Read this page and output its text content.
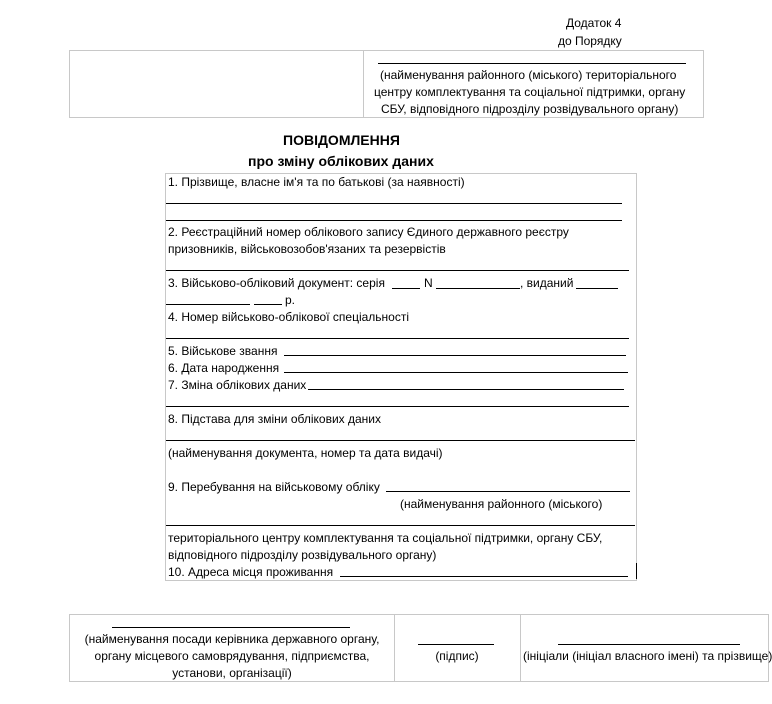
Додаток 4
до Порядку
(найменування районного (міського) територіального
центру комплектування та соціальної підтримки, органу
СБУ, відповідного підрозділу розвідувального органу)
ПОВІДОМЛЕННЯ
про зміну облікових даних
1. Прізвище, власне ім'я та по батькові (за наявності)
2. Реєстраційний номер облікового запису Єдиного державного реєстру
призовників, військовозобов'язаних та резервістів
3. Військово-обліковий документ: серія	N	, виданий
р.
4. Номер військово-облікової спеціальності
5. Військове звання
6. Дата народження
7. Зміна облікових даних
8. Підстава для зміни облікових даних
(найменування документа, номер та дата видачі)
9. Перебування на військовому обліку
(найменування районного (міського)
територіального центру комплектування та соціальної підтримки, органу СБУ,
відповідного підрозділу розвідувального органу)
10. Адреса місця проживання
(найменування посади керівника державного органу,
органу місцевого самоврядування, підприємства,
установи, організації)
(підпис)	(ініціали (ініціал власного імені) та прізвище)
